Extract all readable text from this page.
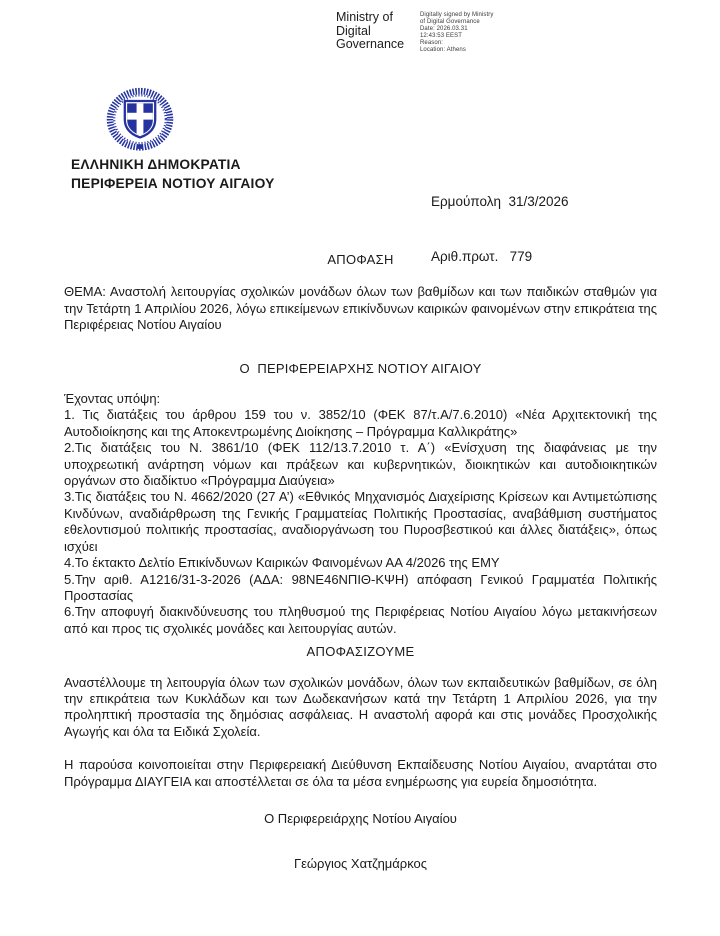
Ministry of Digital Governance
Digitally signed by Ministry
of Digital Governance
Date: 2026.03.31
12:43:53 EEST
Reason:
Location: Athens
ΕΛΛΗΝΙΚΗ ΔΗΜΟΚΡΑΤΙΑ
ΠΕΡΙΦΕΡΕΙΑ ΝΟΤΙΟΥ ΑΙΓΑΙΟΥ

Ερμούπολη  31/3/2026

Αριθ.πρωτ.   779

ΑΠΟΦΑΣΗ

ΘΕΜΑ: Αναστολή λειτουργίας σχολικών μονάδων όλων των βαθμίδων και των παιδικών σταθμών για την Τετάρτη 1 Απριλίου 2026, λόγω επικείμενων επικίνδυνων καιρικών φαινομένων στην επικράτεια της Περιφέρειας Νοτίου Αιγαίου

Ο  ΠΕΡΙΦΕΡΕΙΑΡΧΗΣ ΝΟΤΙΟΥ ΑΙΓΑΙΟΥ
Έχοντας υπόψη:

1. Τις διατάξεις του άρθρου 159 του ν. 3852/10 (ΦΕΚ 87/τ.Α/7.6.2010) «Νέα Αρχιτεκτονική της Αυτοδιοίκησης και της Αποκεντρωμένης Διοίκησης – Πρόγραμμα Καλλικράτης»

2.Τις διατάξεις του Ν. 3861/10 (ΦΕΚ 112/13.7.2010 τ. Α΄) «Ενίσχυση της διαφάνειας με την υποχρεωτική ανάρτηση νόμων και πράξεων και κυβερνητικών, διοικητικών και αυτοδιοικητικών οργάνων στο διαδίκτυο «Πρόγραμμα Διαύγεια»

3.Τις διατάξεις του Ν. 4662/2020 (27 Α’) «Εθνικός Μηχανισμός Διαχείρισης Κρίσεων και Αντιμετώπισης Κινδύνων, αναδιάρθρωση της Γενικής Γραμματείας Πολιτικής Προστασίας, αναβάθμιση συστήματος εθελοντισμού πολιτικής προστασίας, αναδιοργάνωση του Πυροσβεστικού και άλλες διατάξεις», όπως ισχύει

4.Το έκτακτο Δελτίο Επικίνδυνων Καιρικών Φαινομένων ΑΑ 4/2026 της ΕΜΥ

5.Την αριθ. Α1216/31-3-2026 (ΑΔΑ: 98ΝΕ46ΝΠΙΘ-ΚΨΗ) απόφαση Γενικού Γραμματέα Πολιτικής Προστασίας

6.Την αποφυγή διακινδύνευσης του πληθυσμού της Περιφέρειας Νοτίου Αιγαίου λόγω μετακινήσεων από και προς τις σχολικές μονάδες και λειτουργίας αυτών.

ΑΠΟΦΑΣΙΖΟΥΜΕ

Αναστέλλουμε τη λειτουργία όλων των σχολικών μονάδων, όλων των εκπαιδευτικών βαθμίδων, σε όλη την επικράτεια των Κυκλάδων και των Δωδεκανήσων κατά την Τετάρτη 1 Απριλίου 2026, για την προληπτική προστασία της δημόσιας ασφάλειας. Η αναστολή αφορά και στις μονάδες Προσχολικής Αγωγής και όλα τα Ειδικά Σχολεία.

Η παρούσα κοινοποιείται στην Περιφερειακή Διεύθυνση Εκπαίδευσης Νοτίου Αιγαίου, αναρτάται στο Πρόγραμμα ΔΙΑΥΓΕΙΑ και αποστέλλεται σε όλα τα μέσα ενημέρωσης για ευρεία δημοσιότητα.

Ο Περιφερειάρχης Νοτίου Αιγαίου
Γεώργιος Χατζημάρκος
